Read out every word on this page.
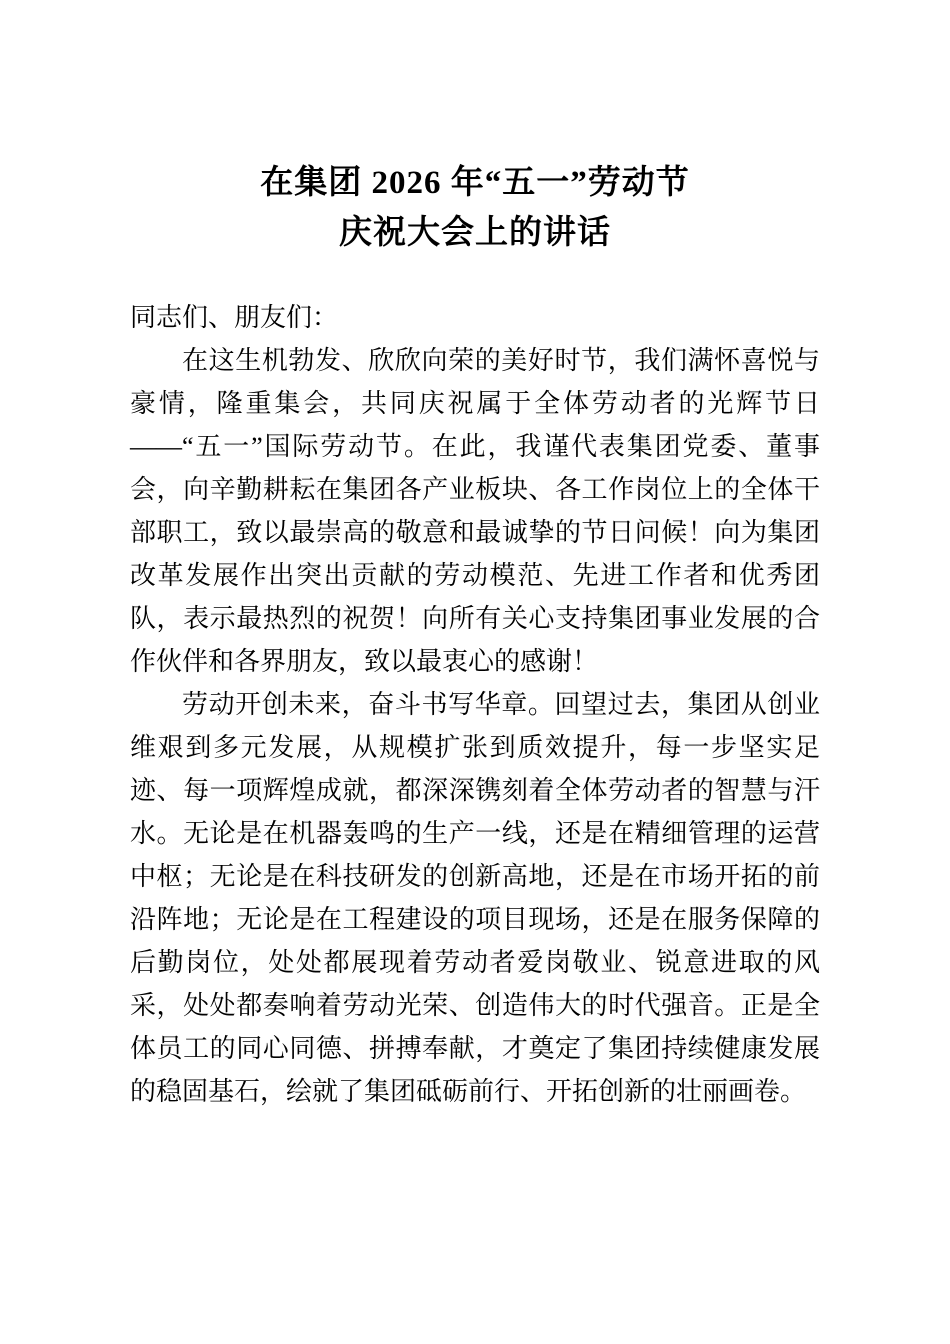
在集团 2026 年“五一”劳动节
庆祝大会上的讲话

同志们、朋友们：

在这生机勃发、欣欣向荣的美好时节，我们满怀喜悦与豪情，隆重集会，共同庆祝属于全体劳动者的光辉节日——“五一”国际劳动节。在此，我谨代表集团党委、董事会，向辛勤耕耘在集团各产业板块、各工作岗位上的全体干部职工，致以最崇高的敬意和最诚挚的节日问候！向为集团改革发展作出突出贡献的劳动模范、先进工作者和优秀团队，表示最热烈的祝贺！向所有关心支持集团事业发展的合作伙伴和各界朋友，致以最衷心的感谢！

劳动开创未来，奋斗书写华章。回望过去，集团从创业维艰到多元发展，从规模扩张到质效提升，每一步坚实足迹、每一项辉煌成就，都深深镌刻着全体劳动者的智慧与汗水。无论是在机器轰鸣的生产一线，还是在精细管理的运营中枢；无论是在科技研发的创新高地，还是在市场开拓的前沿阵地；无论是在工程建设的项目现场，还是在服务保障的后勤岗位，处处都展现着劳动者爱岗敬业、锐意进取的风采，处处都奏响着劳动光荣、创造伟大的时代强音。正是全体员工的同心同德、拼搏奉献，才奠定了集团持续健康发展的稳固基石，绘就了集团砥砺前行、开拓创新的壮丽画卷。
